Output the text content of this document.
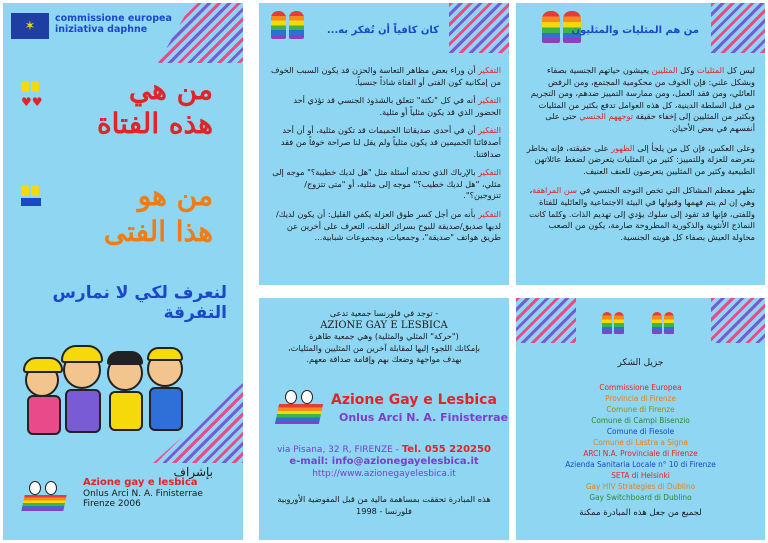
✶	commissione europea
iniziativa daphne
♥♥	من هي
هذه الفتاة
من هو
هذا الفتى
لنعرف لكي لا نمارس التفرقة
بإشراف
Azione gay e lesbica
Onlus Arci N. A. Finisterrae
Firenze 2006
كان كافياً أن تُفكر به...

التفكير أن وراء بعض مظاهر التعاسة والحزن قد يكون السبب الخوف من إمكانية كون الفتى أو الفتاة شاذاً جنسياً.

التفكير أنه في كل "نكتة" تتعلق بالشذوذ الجنسي قد تؤذي أحد الحضور الذي قد يكون مثلياً أو مثلية.

التفكير أن في أحدى صديقاتنا الحميمات قد تكون مثلية، أو أن أحد أصدقائنا الحميمين قد يكون مثلياً ولم يقل لنا صراحة خوفاً من فقد صداقتنا.

التفكير بالإرباك الذي تحدثه أسئلة مثل "هل لديك خطيبة؟" موجه إلى مثلي، "هل لديك خطيب؟" موجه إلى مثلية، أو "متى تتزوج/تتزوجين؟".

التفكير بأنه من أجل كسر طوق العزلة يكفي القليل: أن يكون لديك/لديها صديق/صديقة للبوح بسرائر القلب، التعرف على أخرين عن طريق هواتف "صديقة"، وجمعيات، ومجموعات شبابية...

- توجد في فلورنسا جمعية تدعى
AZIONE GAY E LESBICA
("حركة" المثلي والمثلية) وهي جمعية طاهرة
بإمكانك اللجوء إليها لمقابلة آخرين من المثليين والمثليات،
بهدف مواجهة وضعك بهم وإقامة صداقة معهم.
Azione Gay e Lesbica
Onlus Arci N. A. Finisterrae
via Pisana, 32 R, FIRENZE - Tel. 055 220250
e-mail: info@azionegayelesbica.it
http://www.azionegayelesbica.it
هذه المبادرة تحققت بمساهمة مالية من قبل المفوضية الأوروبية
فلورنسا - 1998
من هم المثليات والمثليون

ليس كل المثليات وكل المثليين يعيشون حياتهم الجنسية بصفاء وبشكل علني: فإن الخوف من محكومية المجتمع، ومن الرفض العائلي، ومن فقد العمل، ومن ممارسة التمييز ضدهم، ومن التجريم من قبل السلطة الدينية، كل هذه العوامل تدفع بكثير من المثليات وبكثير من المثليين إلى إخفاء حقيقة توجههم الجنسي حتى على أنفسهم في بعض الأحيان.

وعلى العكس، فإن كل من يلجأ إلى الظهور على حقيقته، فإنه يخاطر بتعرضه للعزلة وللتمييز: كثير من المثليات يتعرضن لضغط عائلاتهن الطبيعية وكثير من المثليين يتعرضون للعنف العنيف.

تظهر معظم المشاكل التي تخص التوجه الجنسي في سن المراهقة، وهي إن لم يتم فهمها وقبولها في البيئة الاجتماعية والعائلية للفتاة وللفتى، فإنها قد تقود إلى سلوك يؤدي إلى تهديم الذات. وكلما كانت النماذج الأنثوية والذكورية المطروحة صارمة، يكون من الصعب محاولة العيش بصفاء كل هويته الجنسية.

جزيل الشكر
Commissione Europea
Provincia di Firenze
Comune di Firenze
Comune di Campi Bisenzio
Comune di Fiesole
Comune di Lastra a Signa
ARCI N.A. Provinciale di Firenze
Azienda Sanitaria Locale n° 10 di Firenze
SETA di Helsinki
Gay HIV Strategies di Dublino
Gay Switchboard di Dublino
لجميع من جعل هذه المبادرة ممكنة
